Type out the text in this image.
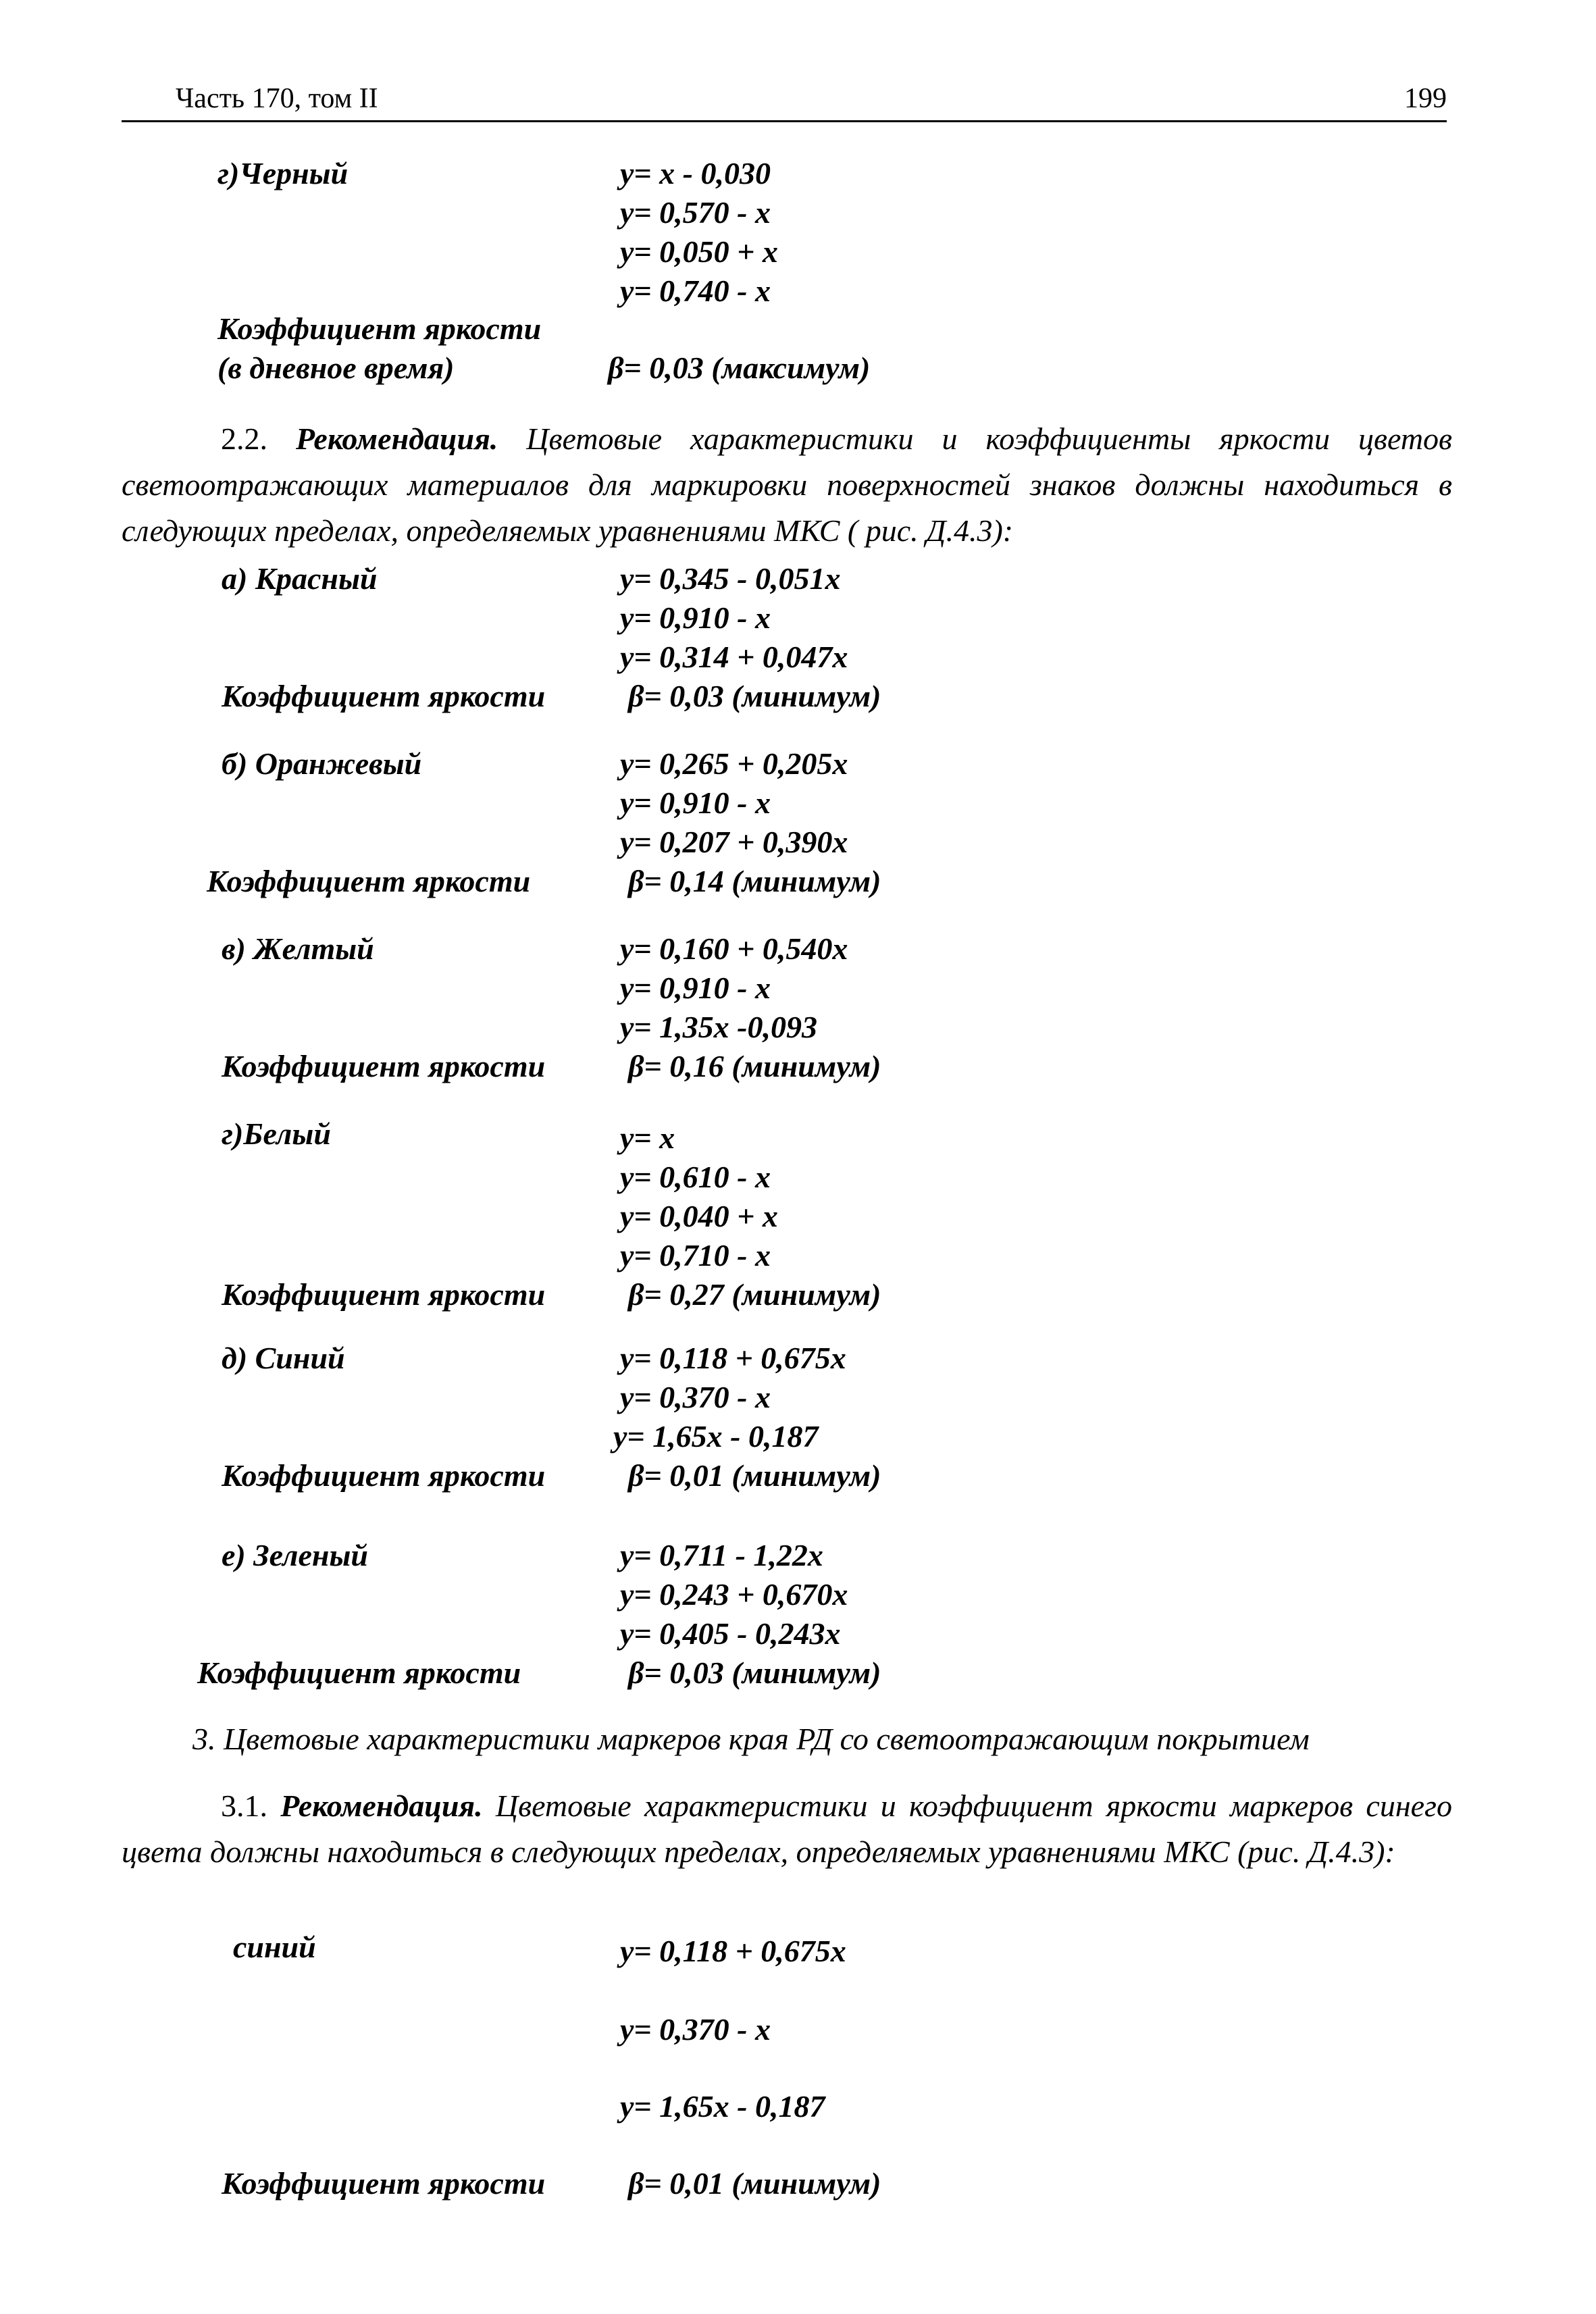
Часть 170, том II	199
г)Черный	y= x - 0,030
y= 0,570 - x
y= 0,050 + x
y= 0,740 - x
Коэффициент яркости
(в дневное время)	β= 0,03 (максимум)
2.2. Рекомендация. Цветовые характеристики и коэффициенты яркости цветов светоотражающих материалов для маркировки поверхностей знаков должны находиться в следующих пределах, определяемых уравнениями МКС ( рис. Д.4.3):
а) Красный	y= 0,345 - 0,051x
y= 0,910 - x
y= 0,314 + 0,047x
Коэффициент яркости	β= 0,03 (минимум)
б) Оранжевый	y= 0,265 + 0,205x
y= 0,910 - x
y= 0,207 + 0,390x
Коэффициент яркости	β= 0,14 (минимум)
в) Желтый	y= 0,160 + 0,540x
y= 0,910 - x
y= 1,35x -0,093
Коэффициент яркости	β= 0,16 (минимум)
г)Белый	y= x
y= 0,610 - x
y= 0,040 + x
y= 0,710 - x
Коэффициент яркости	β= 0,27 (минимум)
д) Синий	y= 0,118 + 0,675x
y= 0,370 - x
y= 1,65x - 0,187
Коэффициент яркости	β= 0,01 (минимум)
е) Зеленый	y= 0,711 - 1,22x
y= 0,243 + 0,670x
y= 0,405 - 0,243x
Коэффициент яркости	β= 0,03 (минимум)
3. Цветовые характеристики маркеров края РД со светоотражающим покрытием
3.1. Рекомендация. Цветовые характеристики и коэффициент яркости маркеров синего цвета должны находиться в следующих пределах, определяемых уравнениями МКС (рис. Д.4.3):
синий	y= 0,118 + 0,675x
y= 0,370 - x
y= 1,65x - 0,187
Коэффициент яркости	β= 0,01 (минимум)
